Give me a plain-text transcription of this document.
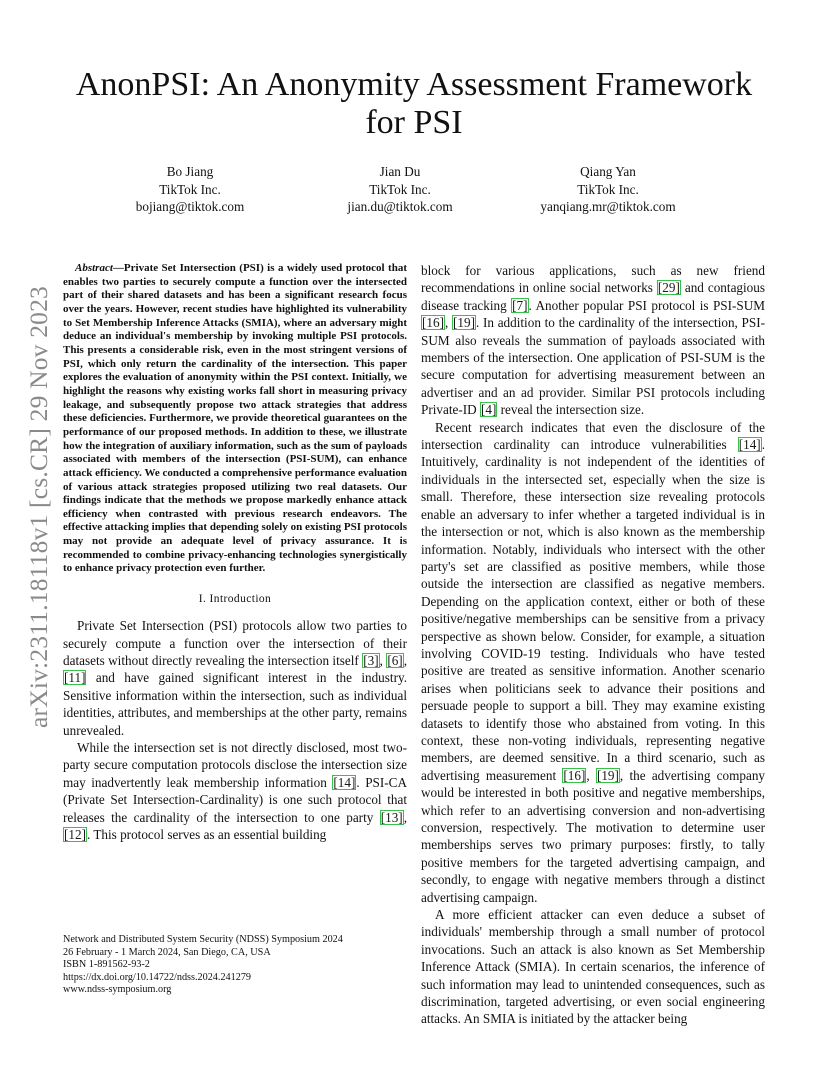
arXiv:2311.18118v1 [cs.CR] 29 Nov 2023
AnonPSI: An Anonymity Assessment Framework for PSI
Bo Jiang
TikTok Inc.
bojiang@tiktok.com
Jian Du
TikTok Inc.
jian.du@tiktok.com
Qiang Yan
TikTok Inc.
yanqiang.mr@tiktok.com

Abstract—Private Set Intersection (PSI) is a widely used protocol that enables two parties to securely compute a function over the intersected part of their shared datasets and has been a significant research focus over the years. However, recent studies have highlighted its vulnerability to Set Membership Inference Attacks (SMIA), where an adversary might deduce an individual's membership by invoking multiple PSI protocols. This presents a considerable risk, even in the most stringent versions of PSI, which only return the cardinality of the intersection. This paper explores the evaluation of anonymity within the PSI context. Initially, we highlight the reasons why existing works fall short in measuring privacy leakage, and subsequently propose two attack strategies that address these deficiencies. Furthermore, we provide theoretical guarantees on the performance of our proposed methods. In addition to these, we illustrate how the integration of auxiliary information, such as the sum of payloads associated with members of the intersection (PSI-SUM), can enhance attack efficiency. We conducted a comprehensive performance evaluation of various attack strategies proposed utilizing two real datasets. Our findings indicate that the methods we propose markedly enhance attack efficiency when contrasted with previous research endeavors. The effective attacking implies that depending solely on existing PSI protocols may not provide an adequate level of privacy assurance. It is recommended to combine privacy-enhancing technologies synergistically to enhance privacy protection even further.

I. Introduction

Private Set Intersection (PSI) protocols allow two parties to securely compute a function over the intersection of their datasets without directly revealing the intersection itself [3], [6], [11] and have gained significant interest in the industry. Sensitive information within the intersection, such as individual identities, attributes, and memberships at the other party, remains unrevealed.

While the intersection set is not directly disclosed, most two-party secure computation protocols disclose the intersection size may inadvertently leak membership information [14]. PSI-CA (Private Set Intersection-Cardinality) is one such protocol that releases the cardinality of the intersection to one party [13], [12]. This protocol serves as an essential building

block for various applications, such as new friend recommendations in online social networks [29] and contagious disease tracking [7]. Another popular PSI protocol is PSI-SUM [16], [19]. In addition to the cardinality of the intersection, PSI-SUM also reveals the summation of payloads associated with members of the intersection. One application of PSI-SUM is the secure computation for advertising measurement between an advertiser and an ad provider. Similar PSI protocols including Private-ID [4] reveal the intersection size.

Recent research indicates that even the disclosure of the intersection cardinality can introduce vulnerabilities [14]. Intuitively, cardinality is not independent of the identities of individuals in the intersected set, especially when the size is small. Therefore, these intersection size revealing protocols enable an adversary to infer whether a targeted individual is in the intersection or not, which is also known as the membership information. Notably, individuals who intersect with the other party's set are classified as positive members, while those outside the intersection are classified as negative members. Depending on the application context, either or both of these positive/negative memberships can be sensitive from a privacy perspective as shown below. Consider, for example, a situation involving COVID-19 testing. Individuals who have tested positive are treated as sensitive information. Another scenario arises when politicians seek to advance their positions and persuade people to support a bill. They may examine existing datasets to identify those who abstained from voting. In this context, these non-voting individuals, representing negative members, are deemed sensitive. In a third scenario, such as advertising measurement [16], [19], the advertising company would be interested in both positive and negative memberships, which refer to an advertising conversion and non-advertising conversion, respectively. The motivation to determine user memberships serves two primary purposes: firstly, to tally positive members for the targeted advertising campaign, and secondly, to engage with negative members through a distinct advertising campaign.

A more efficient attacker can even deduce a subset of individuals' membership through a small number of protocol invocations. Such an attack is also known as Set Membership Inference Attack (SMIA). In certain scenarios, the inference of such information may lead to unintended consequences, such as discrimination, targeted advertising, or even social engineering attacks. An SMIA is initiated by the attacker being

Network and Distributed System Security (NDSS) Symposium 2024
26 February - 1 March 2024, San Diego, CA, USA
ISBN 1-891562-93-2
https://dx.doi.org/10.14722/ndss.2024.241279
www.ndss-symposium.org
